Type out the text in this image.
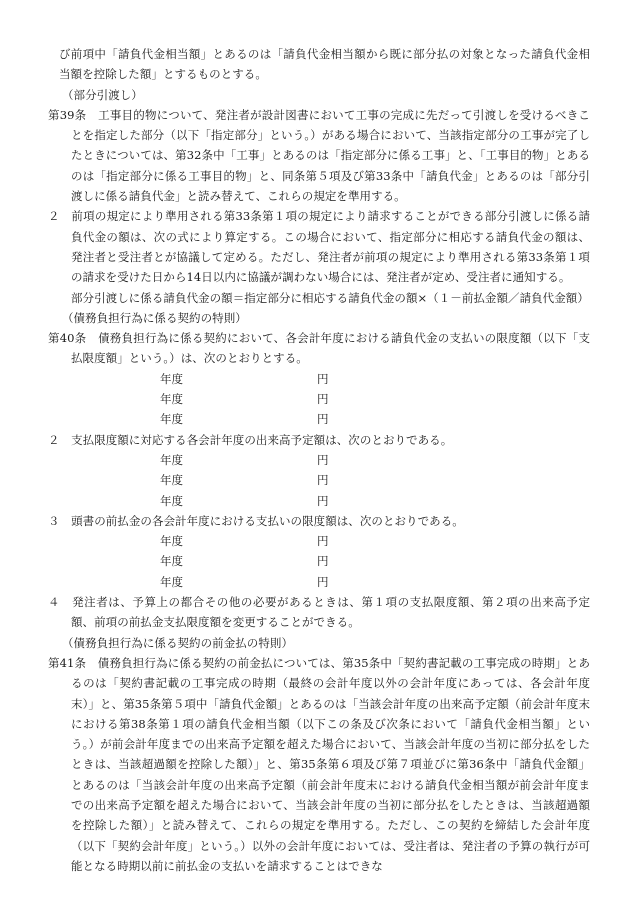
び前項中「請負代金相当額」とあるのは「請負代金相当額から既に部分払の対象となった請負代金相当額を控除した額」とするものとする。

（部分引渡し）

第39条　工事目的物について、発注者が設計図書において工事の完成に先だって引渡しを受けるべきことを指定した部分（以下「指定部分」という。）がある場合において、当該指定部分の工事が完了したときについては、第32条中「工事」とあるのは「指定部分に係る工事」と、「工事目的物」とあるのは「指定部分に係る工事目的物」と、同条第５項及び第33条中「請負代金」とあるのは「部分引渡しに係る請負代金」と読み替えて、これらの規定を準用する。

２　前項の規定により準用される第33条第１項の規定により請求することができる部分引渡しに係る請負代金の額は、次の式により算定する。この場合において、指定部分に相応する請負代金の額は、発注者と受注者とが協議して定める。ただし、発注者が前項の規定により準用される第33条第１項の請求を受けた日から14日以内に協議が調わない場合には、発注者が定め、受注者に通知する。

部分引渡しに係る請負代金の額＝指定部分に相応する請負代金の額×（１－前払金額／請負代金額）

（債務負担行為に係る契約の特則）

第40条　債務負担行為に係る契約において、各会計年度における請負代金の支払いの限度額（以下「支払限度額」という。）は、次のとおりとする。

年度	円
年度	円
年度	円

２　支払限度額に対応する各会計年度の出来高予定額は、次のとおりである。

年度	円
年度	円
年度	円

３　頭書の前払金の各会計年度における支払いの限度額は、次のとおりである。

年度	円
年度	円
年度	円

４　発注者は、予算上の都合その他の必要があるときは、第１項の支払限度額、第２項の出来高予定額、前項の前払金支払限度額を変更することができる。

（債務負担行為に係る契約の前金払の特則）

第41条　債務負担行為に係る契約の前金払については、第35条中「契約書記載の工事完成の時期」とあるのは「契約書記載の工事完成の時期（最終の会計年度以外の会計年度にあっては、各会計年度末）」と、第35条第５項中「請負代金額」とあるのは「当該会計年度の出来高予定額（前会計年度末における第38条第１項の請負代金相当額（以下この条及び次条において「請負代金相当額」という。）が前会計年度までの出来高予定額を超えた場合において、当該会計年度の当初に部分払をしたときは、当該超過額を控除した額）」と、第35条第６項及び第７項並びに第36条中「請負代金額」とあるのは「当該会計年度の出来高予定額（前会計年度末における請負代金相当額が前会計年度までの出来高予定額を超えた場合において、当該会計年度の当初に部分払をしたときは、当該超過額を控除した額）」と読み替えて、これらの規定を準用する。ただし、この契約を締結した会計年度（以下「契約会計年度」という。）以外の会計年度においては、受注者は、発注者の予算の執行が可能となる時期以前に前払金の支払いを請求することはできな
